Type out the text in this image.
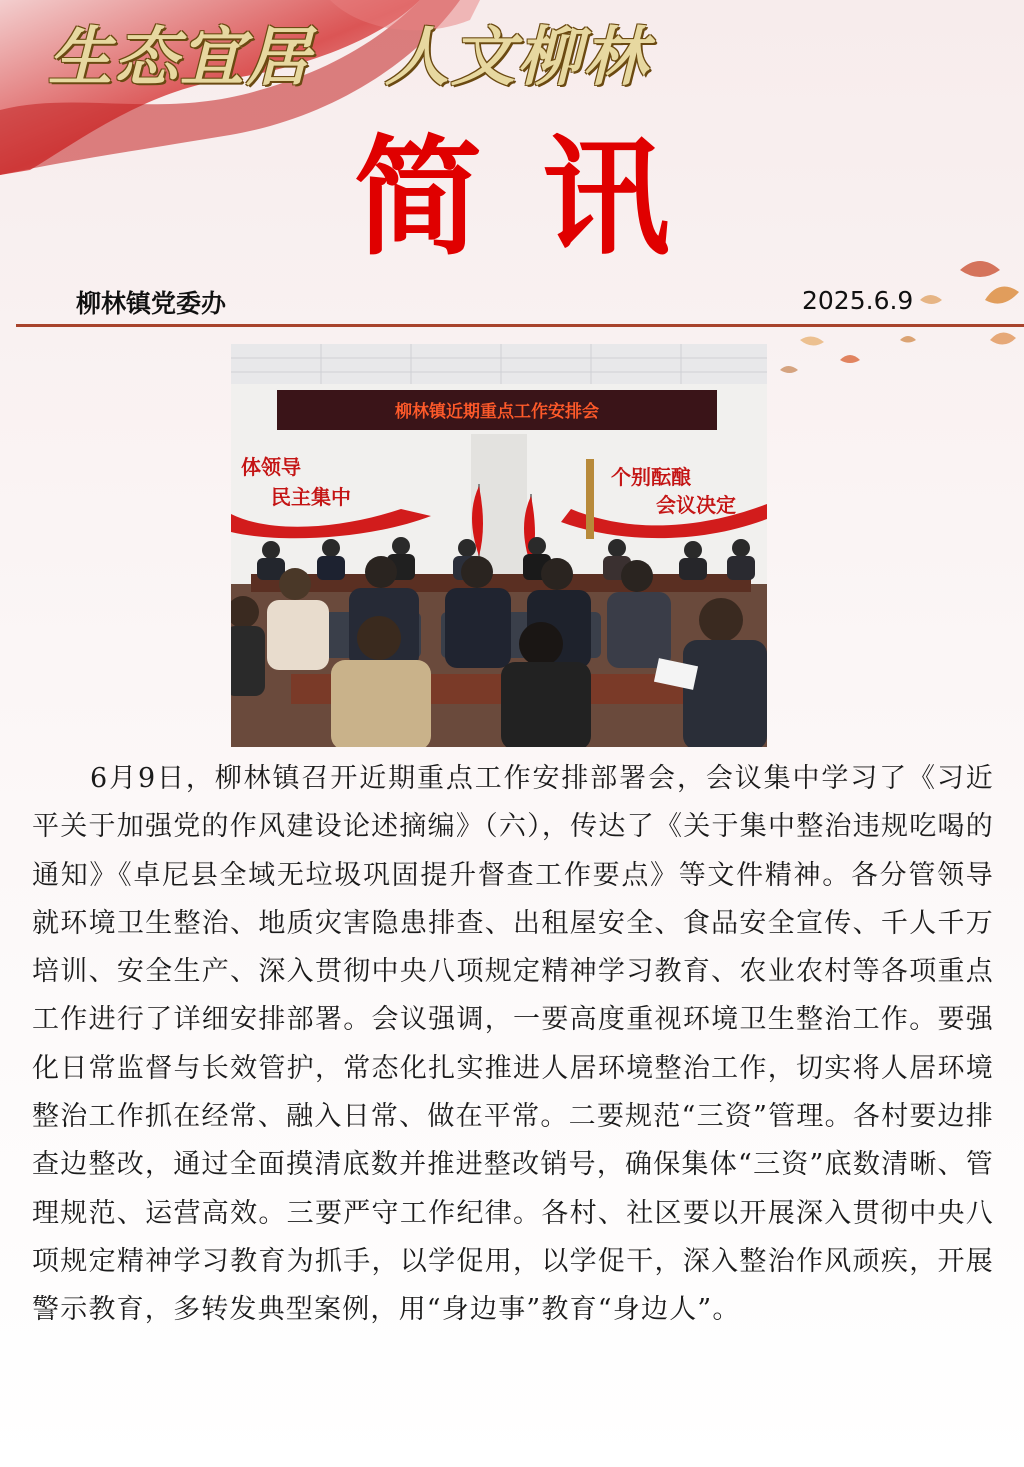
生态宜居   人文柳林
简讯
柳林镇党委办	2025.6.9
柳林镇近期重点工作安排会
体领导
民主集中
个别酝酿
会议决定

6月9日，柳林镇召开近期重点工作安排部署会，会议集中学习了《习近平关于加强党的作风建设论述摘编》（六），传达了《关于集中整治违规吃喝的通知》《卓尼县全域无垃圾巩固提升督查工作要点》等文件精神。各分管领导就环境卫生整治、地质灾害隐患排查、出租屋安全、食品安全宣传、千人千万培训、安全生产、深入贯彻中央八项规定精神学习教育、农业农村等各项重点工作进行了详细安排部署。会议强调，一要高度重视环境卫生整治工作。要强化日常监督与长效管护，常态化扎实推进人居环境整治工作，切实将人居环境整治工作抓在经常、融入日常、做在平常。二要规范“三资”管理。各村要边排查边整改，通过全面摸清底数并推进整改销号，确保集体“三资”底数清晰、管理规范、运营高效。三要严守工作纪律。各村、社区要以开展深入贯彻中央八项规定精神学习教育为抓手，以学促用，以学促干，深入整治作风顽疾，开展警示教育，多转发典型案例，用“身边事”教育“身边人”。
